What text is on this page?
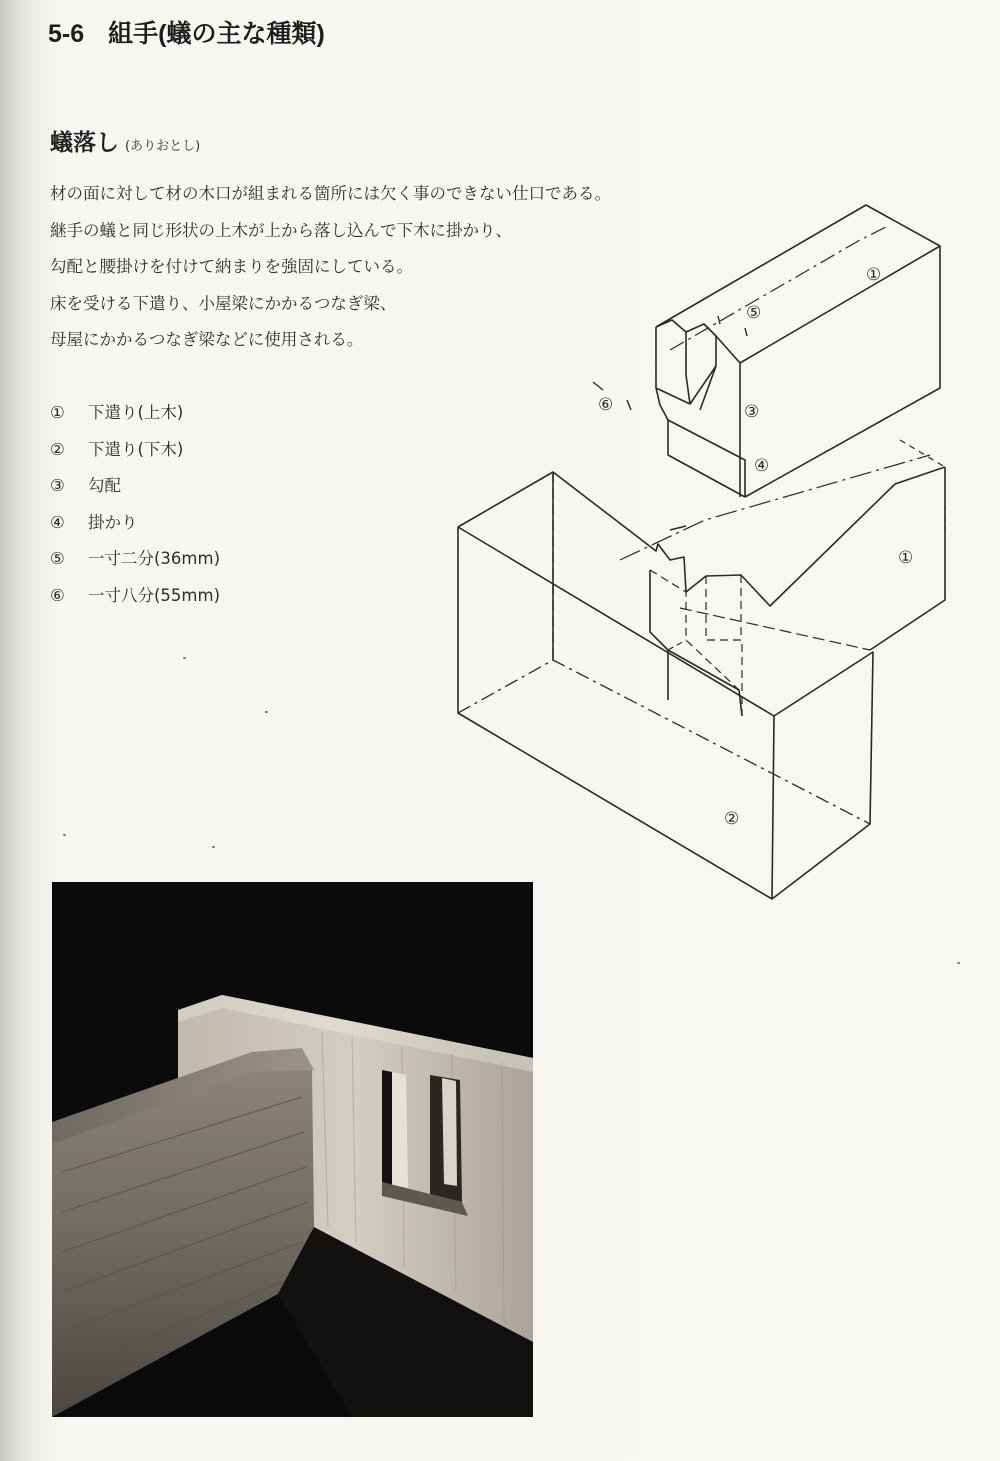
5-6 組手(蟻の主な種類)
蟻落し (ありおとし)
材の面に対して材の木口が組まれる箇所には欠く事のできない仕口である。
継手の蟻と同じ形状の上木が上から落し込んで下木に掛かり、
勾配と腰掛けを付けて納まりを強固にしている。
床を受ける下遣り、小屋梁にかかるつなぎ梁、
母屋にかかるつなぎ梁などに使用される。
① 下遣り(上木)
② 下遣り(下木)
③ 勾配
④ 掛かり
⑤ 一寸二分(36mm)
⑥ 一寸八分(55mm)
①
⑤
⑥	③
④
①
②
